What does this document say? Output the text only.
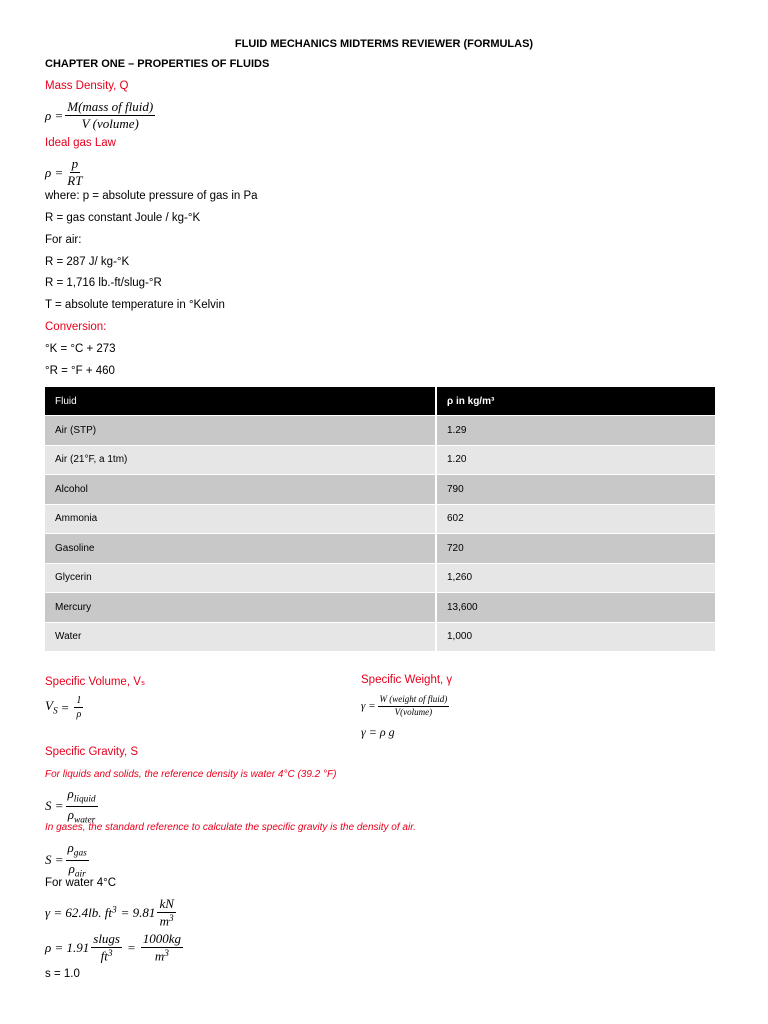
FLUID MECHANICS MIDTERMS REVIEWER (FORMULAS)
CHAPTER ONE – PROPERTIES OF FLUIDS
Mass Density, Q
$\rho = \frac{\text{M(mass of fluid)}}{\text{V (volume)}}$
Ideal gas Law
$\rho = \frac{p}{RT}$
where: p = absolute pressure of gas in Pa
R = gas constant Joule / kg-°K
For air:
R = 287 J/ kg-°K
R = 1,716 lb.-ft/slug-°R
T = absolute temperature in °Kelvin
Conversion:
°K = °C + 273
°R = °F + 460
Fluid	ρ in kg/m³
Air (STP)	1.29
Air (21°F, a 1tm)	1.20
Alcohol	790
Ammonia	602
Gasoline	720
Glycerin	1,260
Mercury	13,600
Water	1,000
Specific Volume, Vₛ
$V_S = \frac{1}{\rho}$
Specific Weight, γ
$\gamma = \frac{\text{W (weight of fluid)}}{\text{V(volume)}}$
γ = ρ g
Specific Gravity, S
For liquids and solids, the reference density is water 4°C (39.2 °F)
$S = \frac{\rho_{liquid}}{\rho_{water}}$
In gases, the standard reference to calculate the specific gravity is the density of air.
$S = \frac{\rho_{gas}}{\rho_{air}}$
For water 4°C
γ = 62.4lb. $ft^3 = 9.81 \frac{kN}{m^3}$
$\rho = 1.91 \frac{\text{slugs}}{ft^3} = \frac{1000kg}{m^3}$
s = 1.0
